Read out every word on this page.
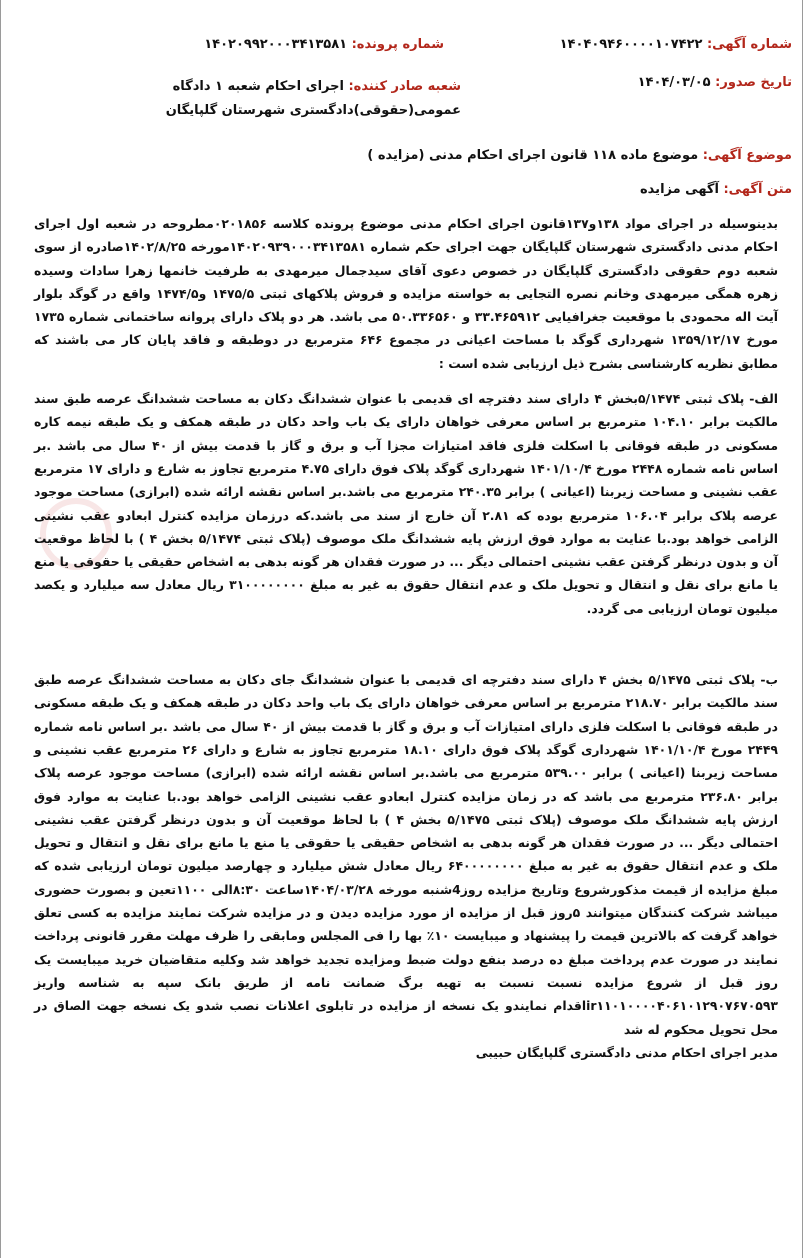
شماره آگهی: ۱۴۰۴۰۹۴۶۰۰۰۰۱۰۷۴۲۲
شماره پرونده: ۱۴۰۲۰۹۹۲۰۰۰۳۴۱۳۵۸۱
تاریخ صدور: ۱۴۰۴/۰۳/۰۵
شعبه صادر کننده: اجرای احکام شعبه ۱ دادگاه عمومی(حقوقی)دادگستری شهرستان گلپایگان
موضوع آگهی: موضوع ماده ۱۱۸ قانون اجرای احکام مدنی (مزایده )
متن آگهی: آگهی مزایده

بدینوسیله در اجرای مواد ۱۳۸و۱۳۷قانون اجرای احکام مدنی موضوع پرونده کلاسه ۰۲۰۱۸۵۶مطروحه در شعبه اول اجرای احکام مدنی دادگستری شهرستان گلپایگان جهت اجرای حکم شماره ۱۴۰۲۰۹۳۹۰۰۰۳۴۱۳۵۸۱مورخه ۱۴۰۲/۸/۲۵صادره از سوی شعبه دوم حقوقی دادگستری گلپایگان در خصوص دعوی آقای سیدجمال میرمهدی به طرفیت خانمها زهرا سادات وسیده زهره همگی میرمهدی وخانم نصره التجایی به خواسته مزایده و فروش پلاکهای ثبتی ۱۴۷۵/۵ و۱۴۷۴/۵ واقع در گوگد بلوار آیت اله محمودی با موقعیت جغرافیایی ۳۳.۴۶۵۹۱۲ و ۵۰.۳۳۶۵۶۰ می باشد. هر دو پلاک دارای پروانه ساختمانی شماره ۱۷۳۵ مورخ ۱۳۵۹/۱۲/۱۷ شهرداری گوگد با مساحت اعیانی در مجموع ۶۴۶ مترمربع در دوطبقه و فاقد پایان کار می باشند که مطابق نظریه کارشناسی بشرح ذیل ارزیابی شده است :

الف- پلاک ثبتی ۵/۱۴۷۴بخش ۴ دارای سند دفترچه ای قدیمی با عنوان ششدانگ دکان به مساحت ششدانگ عرصه طبق سند مالکیت برابر ۱۰۴.۱۰ مترمربع بر اساس معرفی خواهان دارای یک باب واحد دکان در طبقه همکف و یک طبقه نیمه کاره مسکونی در طبقه فوقانی با اسکلت فلزی فاقد امتیازات مجزا آب و برق و گاز با قدمت بیش از ۴۰ سال می باشد .بر اساس نامه شماره ۲۴۴۸ مورخ ۱۴۰۱/۱۰/۴ شهرداری گوگد پلاک فوق دارای ۴.۷۵ مترمربع تجاوز به شارع و دارای ۱۷ مترمربع عقب نشینی و مساحت زیربنا (اعیانی ) برابر ۲۴۰.۳۵ مترمربع می باشد.بر اساس نقشه ارائه شده (ابرازی) مساحت موجود عرصه پلاک برابر ۱۰۶.۰۴ مترمربع بوده که ۲.۸۱ آن خارج از سند می باشد.که درزمان مزایده کنترل ابعادو عقب نشینی الزامی خواهد بود.با عنایت به موارد فوق ارزش پایه ششدانگ ملک موصوف (پلاک ثبتی ۵/۱۴۷۴ بخش ۴ ) با لحاظ موقعیت آن و بدون درنظر گرفتن عقب نشینی احتمالی دیگر ... در صورت فقدان هر گونه بدهی به اشخاص حقیقی یا حقوقی یا منع یا مانع برای نقل و انتقال و تحویل ملک و عدم انتقال حقوق به غیر به مبلغ ۳۱۰۰۰۰۰۰۰۰ ریال معادل سه میلیارد و یکصد میلیون تومان ارزیابی می گردد.

ب- پلاک ثبتی ۵/۱۴۷۵ بخش ۴ دارای سند دفترچه ای قدیمی با عنوان ششدانگ جای دکان به مساحت ششدانگ عرصه طبق سند مالکیت برابر ۲۱۸.۷۰ مترمربع بر اساس معرفی خواهان دارای یک باب واحد دکان در طبقه همکف و یک طبقه مسکونی در طبقه فوقانی با اسکلت فلزی دارای امتیازات آب و برق و گاز با قدمت بیش از ۴۰ سال می باشد .بر اساس نامه شماره ۲۴۴۹ مورخ ۱۴۰۱/۱۰/۴ شهرداری گوگد پلاک فوق دارای ۱۸.۱۰ مترمربع تجاوز به شارع و دارای ۲۶ مترمربع عقب نشینی و مساحت زیربنا (اعیانی ) برابر ۵۳۹.۰۰ مترمربع می باشد.بر اساس نقشه ارائه شده (ابرازی) مساحت موجود عرصه پلاک برابر ۲۳۶.۸۰ مترمربع می باشد که در زمان مزایده کنترل ابعادو عقب نشینی الزامی خواهد بود.با عنایت به موارد فوق ارزش پایه ششدانگ ملک موصوف (پلاک ثبتی ۵/۱۴۷۵ بخش ۴ ) با لحاظ موقعیت آن و بدون درنظر گرفتن عقب نشینی احتمالی دیگر ... در صورت فقدان هر گونه بدهی به اشخاص حقیقی یا حقوقی یا منع یا مانع برای نقل و انتقال و تحویل ملک و عدم انتقال حقوق به غیر به مبلغ ۶۴۰۰۰۰۰۰۰۰ ریال معادل شش میلیارد و چهارصد میلیون تومان ارزیابی شده که مبلغ مزایده از قیمت مذکورشروع وتاریخ مزایده روز4شنبه مورخه ۱۴۰۴/۰۳/۲۸ساعت ۸:۳۰الی ۱۱۰۰تعین و بصورت حضوری میباشد شرکت کنندگان میتوانند ۵روز قبل از مزایده از مورد مزایده دیدن و در مزایده شرکت نمایند مزایده به کسی تعلق خواهد گرفت که بالاترین قیمت را پیشنهاد و میبایست ۱۰٪ بها را فی المجلس ومابقی را ظرف مهلت مقرر قانونی پرداخت نمایند در صورت عدم پرداخت مبلغ ده درصد بنفع دولت ضبط ومزایده تجدید خواهد شد وکلیه متقاضیان خرید میبایست یک روز قبل از شروع مزایده نسبت نسبت به تهیه برگ ضمانت نامه از طریق بانک سپه به شناسه واریز ir۱۱۰۱۰۰۰۰۴۰۶۱۰۱۲۹۰۷۶۷۰۵۹۳اقدام نمایندو یک نسخه از مزایده در تابلوی اعلانات نصب شدو یک نسخه جهت الصاق در محل تحویل محکوم له شد

مدیر اجرای احکام مدنی دادگستری گلپایگان حبیبی
